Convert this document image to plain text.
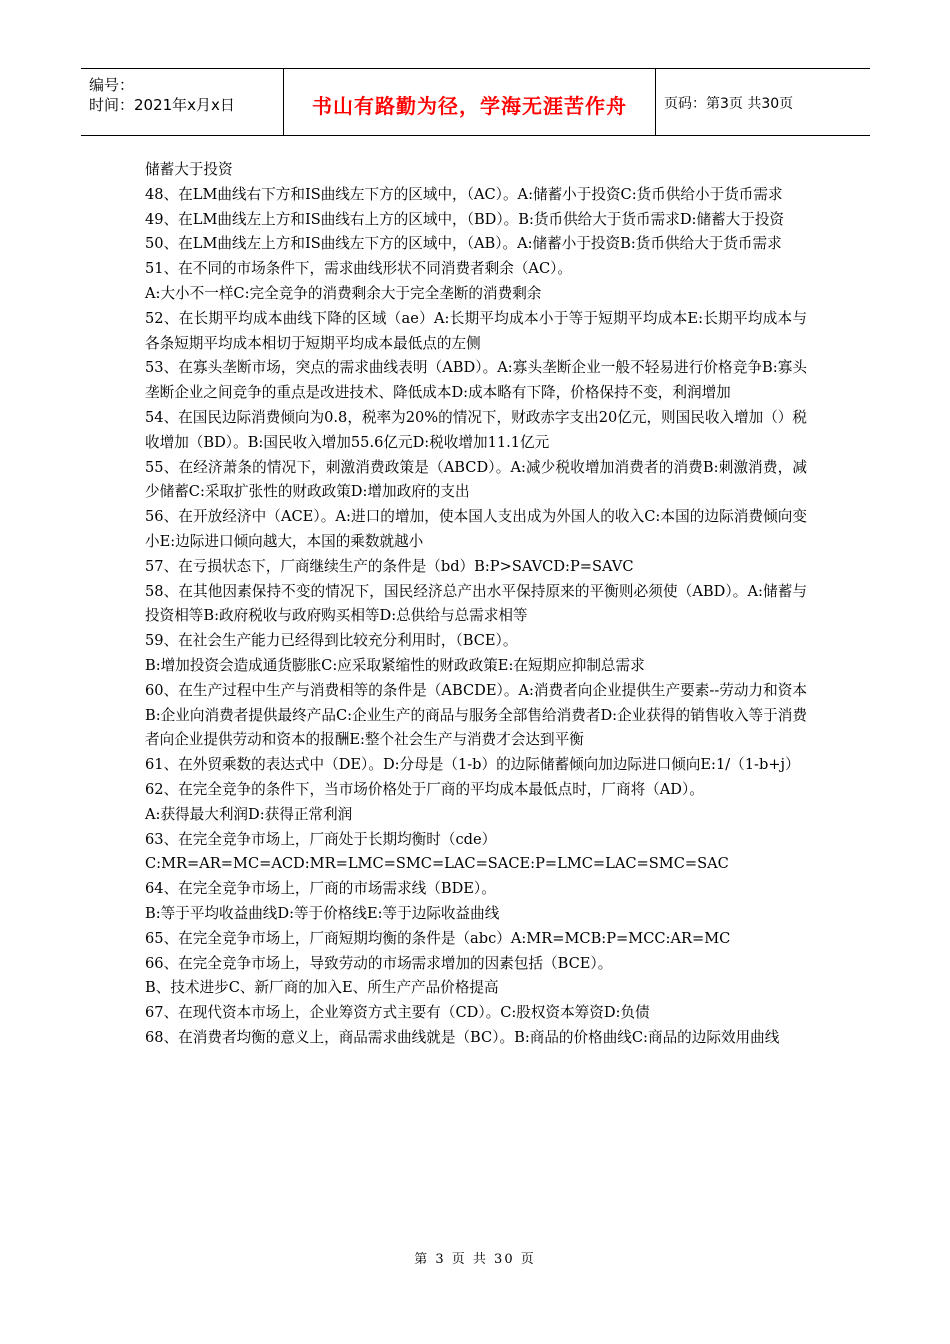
编号：
时间：2021年x月x日	书山有路勤为径，学海无涯苦作舟	页码：第3页 共30页

储蓄大于投资

48、在LM曲线右下方和IS曲线左下方的区域中，（AC）。A:储蓄小于投资C:货币供给小于货币需求

49、在LM曲线左上方和IS曲线右上方的区域中，（BD）。B:货币供给大于货币需求D:储蓄大于投资

50、在LM曲线左上方和IS曲线左下方的区域中，（AB）。A:储蓄小于投资B:货币供给大于货币需求

51、在不同的市场条件下，需求曲线形状不同消费者剩余（AC）。

A:大小不一样C:完全竞争的消费剩余大于完全垄断的消费剩余

52、在长期平均成本曲线下降的区域（ae）A:长期平均成本小于等于短期平均成本E:长期平均成本与各条短期平均成本相切于短期平均成本最低点的左侧

53、在寡头垄断市场，突点的需求曲线表明（ABD）。A:寡头垄断企业一般不轻易进行价格竞争B:寡头垄断企业之间竞争的重点是改进技术、降低成本D:成本略有下降，价格保持不变，利润增加

54、在国民边际消费倾向为0.8，税率为20%的情况下，财政赤字支出20亿元，则国民收入增加（）税收增加（BD）。B:国民收入增加55.6亿元D:税收增加11.1亿元

55、在经济萧条的情况下，刺激消费政策是（ABCD）。A:减少税收增加消费者的消费B:刺激消费，减少储蓄C:采取扩张性的财政政策D:增加政府的支出

56、在开放经济中（ACE）。A:进口的增加，使本国人支出成为外国人的收入C:本国的边际消费倾向变小E:边际进口倾向越大，本国的乘数就越小

57、在亏损状态下，厂商继续生产的条件是（bd）B:P>SAVCD:P=SAVC

58、在其他因素保持不变的情况下，国民经济总产出水平保持原来的平衡则必须使（ABD）。A:储蓄与投资相等B:政府税收与政府购买相等D:总供给与总需求相等

59、在社会生产能力已经得到比较充分利用时，（BCE）。

B:增加投资会造成通货膨胀C:应采取紧缩性的财政政策E:在短期应抑制总需求

60、在生产过程中生产与消费相等的条件是（ABCDE）。A:消费者向企业提供生产要素--劳动力和资本B:企业向消费者提供最终产品C:企业生产的商品与服务全部售给消费者D:企业获得的销售收入等于消费者向企业提供劳动和资本的报酬E:整个社会生产与消费才会达到平衡

61、在外贸乘数的表达式中（DE）。D:分母是（1-b）的边际储蓄倾向加边际进口倾向E:1/（1-b+j）

62、在完全竞争的条件下，当市场价格处于厂商的平均成本最低点时，厂商将（AD）。

A:获得最大利润D:获得正常利润

63、在完全竞争市场上，厂商处于长期均衡时（cde）

C:MR=AR=MC=ACD:MR=LMC=SMC=LAC=SACE:P=LMC=LAC=SMC=SAC

64、在完全竞争市场上，厂商的市场需求线（BDE）。

B:等于平均收益曲线D:等于价格线E:等于边际收益曲线

65、在完全竞争市场上，厂商短期均衡的条件是（abc）A:MR=MCB:P=MCC:AR=MC

66、在完全竞争市场上，导致劳动的市场需求增加的因素包括（BCE）。

B、技术进步C、新厂商的加入E、所生产产品价格提高

67、在现代资本市场上，企业筹资方式主要有（CD）。C:股权资本筹资D:负债

68、在消费者均衡的意义上，商品需求曲线就是（BC）。B:商品的价格曲线C:商品的边际效用曲线

第 3 页 共 30 页
